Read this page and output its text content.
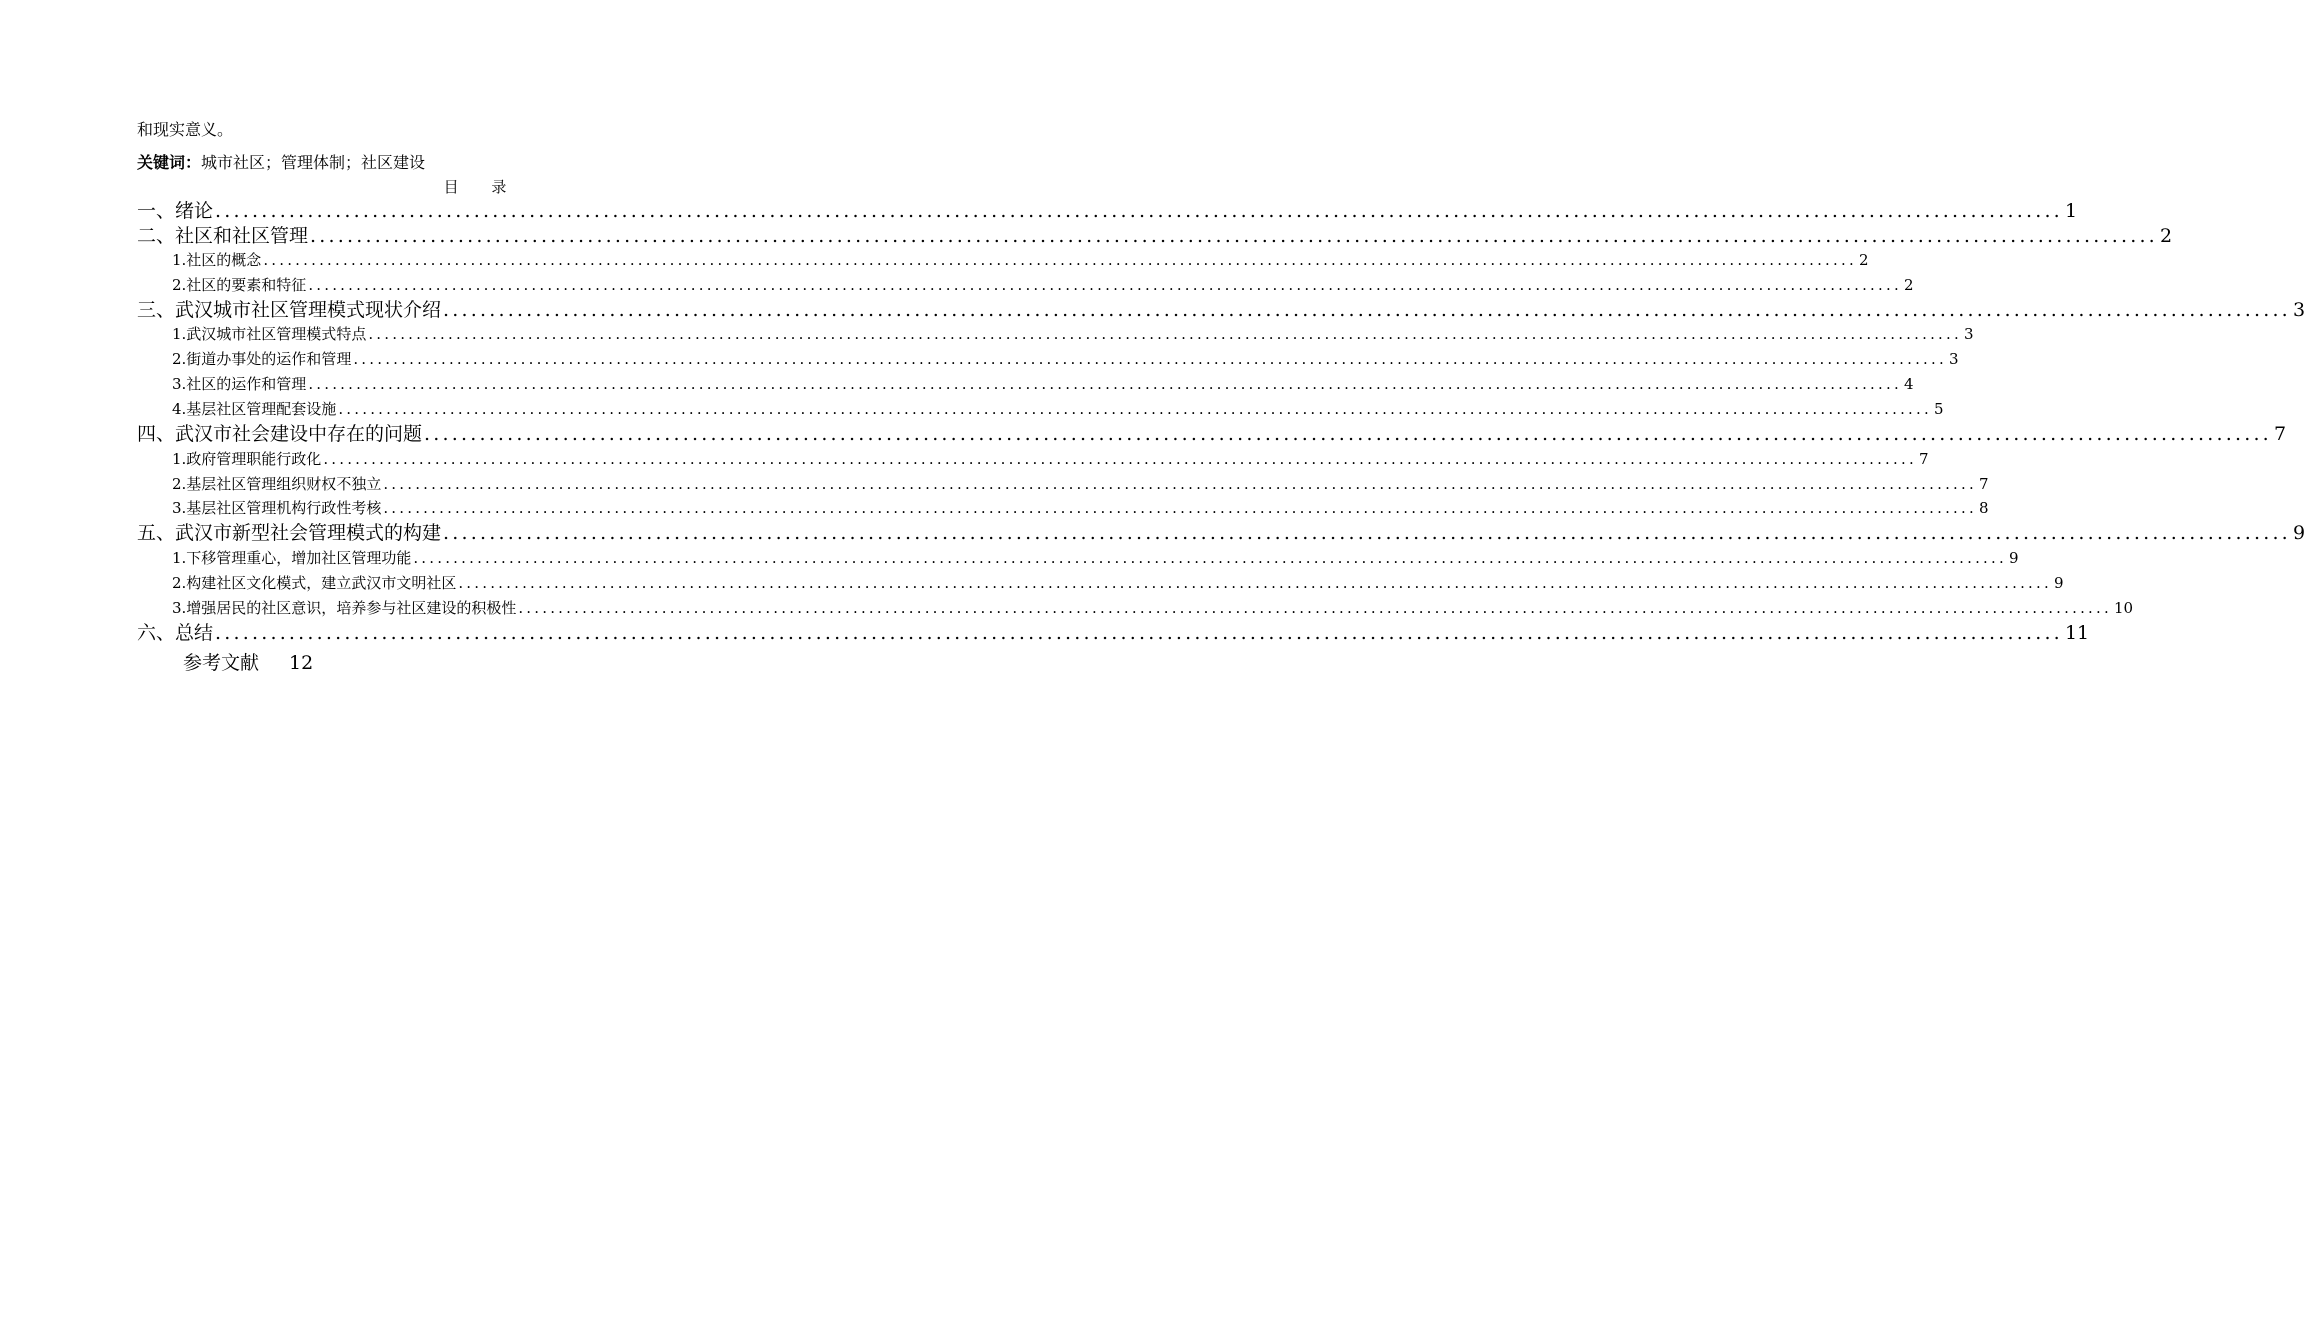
和现实意义。
关键词：城市社区；管理体制；社区建设
目 录
一、绪论 ........................................................................................................................................................................................................ 1
二、社区和社区管理 ........................................................................................................................................................................................................ 2
1.社区的概念 ........................................................................................................................................................................................................ 2
2.社区的要素和特征 ........................................................................................................................................................................................................ 2
三、武汉城市社区管理模式现状介绍 ........................................................................................................................................................................................................ 3
1.武汉城市社区管理模式特点 ........................................................................................................................................................................................................ 3
2.街道办事处的运作和管理 ........................................................................................................................................................................................................ 3
3.社区的运作和管理 ........................................................................................................................................................................................................ 4
4.基层社区管理配套设施 ........................................................................................................................................................................................................ 5
四、武汉市社会建设中存在的问题 ........................................................................................................................................................................................................ 7
1.政府管理职能行政化 ........................................................................................................................................................................................................ 7
2.基层社区管理组织财权不独立 ........................................................................................................................................................................................................ 7
3.基层社区管理机构行政性考核 ........................................................................................................................................................................................................ 8
五、武汉市新型社会管理模式的构建 ........................................................................................................................................................................................................ 9
1.下移管理重心，增加社区管理功能 ........................................................................................................................................................................................................ 9
2.构建社区文化模式，建立武汉市文明社区 ........................................................................................................................................................................................................ 9
3.增强居民的社区意识，培养参与社区建设的积极性 ........................................................................................................................................................................................................ 10
六、总结 ........................................................................................................................................................................................................ 11
参考文献 12
